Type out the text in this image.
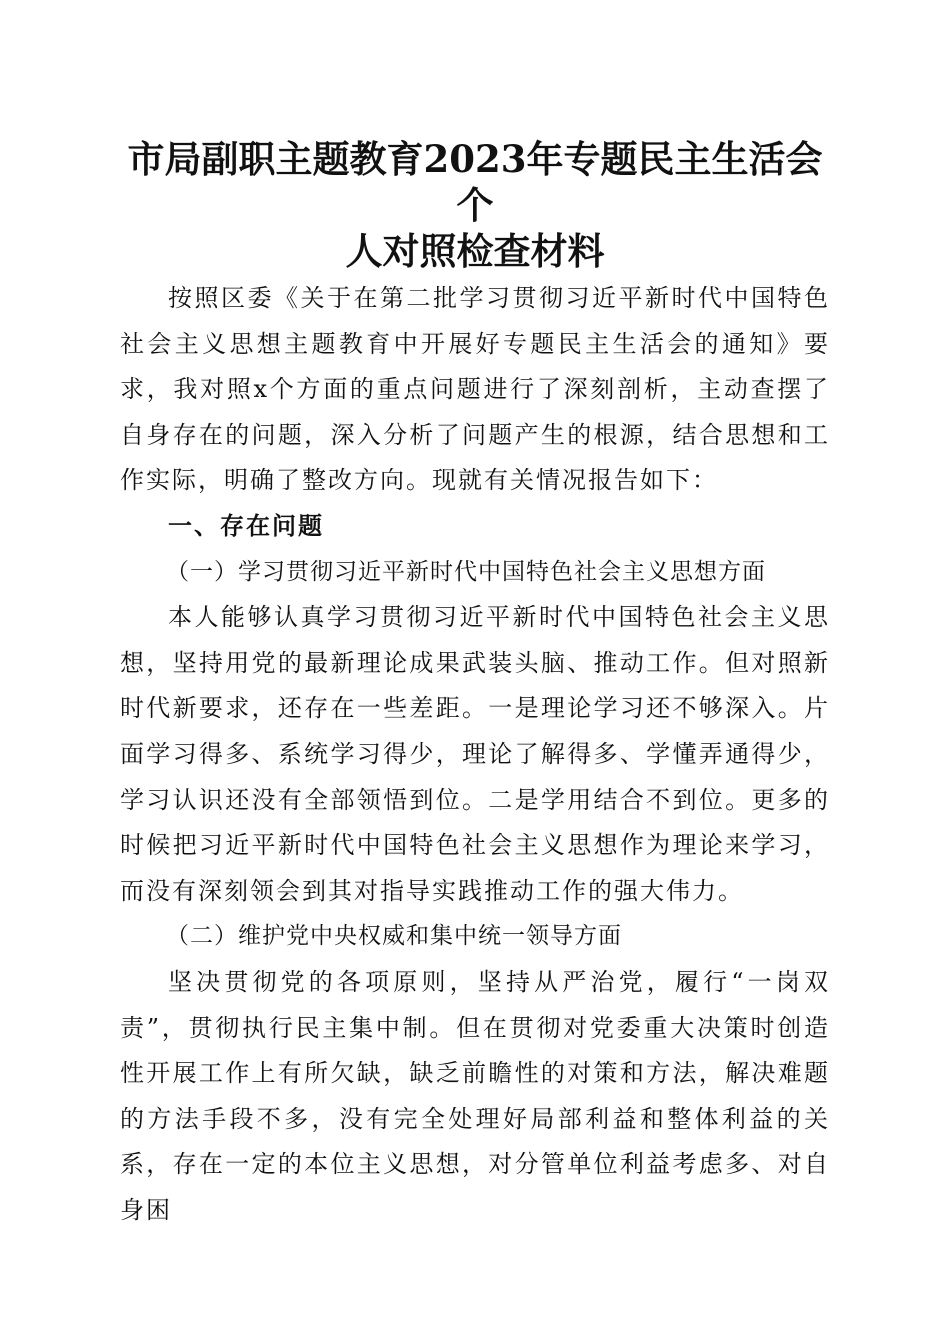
市局副职主题教育2023年专题民主生活会个
人对照检查材料

按照区委《关于在第二批学习贯彻习近平新时代中国特色社会主义思想主题教育中开展好专题民主生活会的通知》要求，我对照x个方面的重点问题进行了深刻剖析，主动查摆了自身存在的问题，深入分析了问题产生的根源，结合思想和工作实际，明确了整改方向。现就有关情况报告如下：

一、存在问题
（一）学习贯彻习近平新时代中国特色社会主义思想方面

本人能够认真学习贯彻习近平新时代中国特色社会主义思想，坚持用党的最新理论成果武装头脑、推动工作。但对照新时代新要求，还存在一些差距。一是理论学习还不够深入。片面学习得多、系统学习得少，理论了解得多、学懂弄通得少，学习认识还没有全部领悟到位。二是学用结合不到位。更多的时候把习近平新时代中国特色社会主义思想作为理论来学习，而没有深刻领会到其对指导实践推动工作的强大伟力。

（二）维护党中央权威和集中统一领导方面

坚决贯彻党的各项原则，坚持从严治党，履行“一岗双责”，贯彻执行民主集中制。但在贯彻对党委重大决策时创造性开展工作上有所欠缺，缺乏前瞻性的对策和方法，解决难题的方法手段不多，没有完全处理好局部利益和整体利益的关系，存在一定的本位主义思想，对分管单位利益考虑多、对自身困
